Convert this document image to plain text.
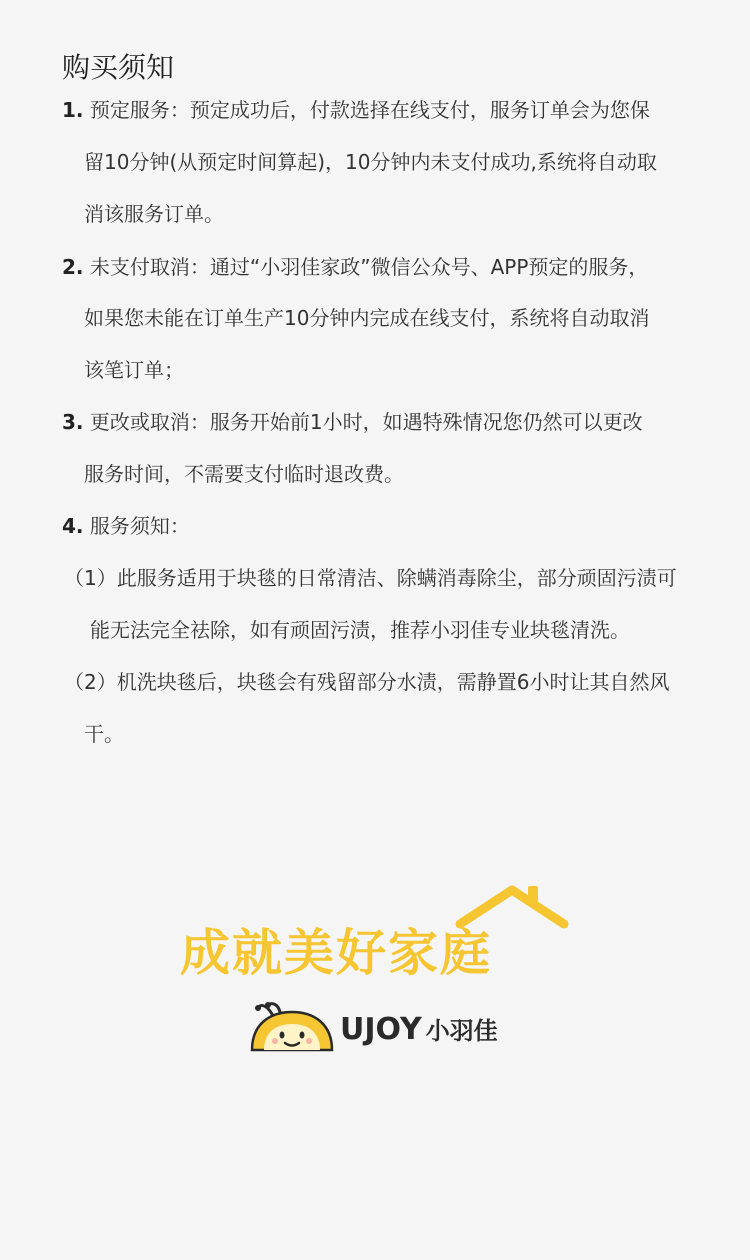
购买须知
1. 预定服务：预定成功后，付款选择在线支付，服务订单会为您保
留10分钟(从预定时间算起)，10分钟内未支付成功,系统将自动取
消该服务订单。
2. 未支付取消：通过“小羽佳家政”微信公众号、APP预定的服务，
如果您未能在订单生产10分钟内完成在线支付，系统将自动取消
该笔订单；
3. 更改或取消：服务开始前1小时，如遇特殊情况您仍然可以更改
服务时间，不需要支付临时退改费。
4. 服务须知：
（1）此服务适用于块毯的日常清洁、除螨消毒除尘，部分顽固污渍可
能无法完全祛除，如有顽固污渍，推荐小羽佳专业块毯清洗。
（2）机洗块毯后，块毯会有残留部分水渍，需静置6小时让其自然风
干。
成就美好家庭
UJOY 小羽佳
